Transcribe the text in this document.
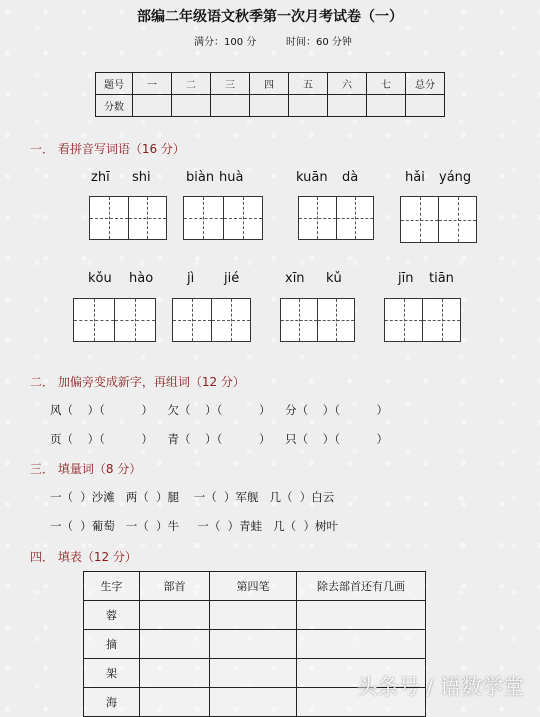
部编二年级语文秋季第一次月考试卷（一）
满分：100 分	时间：60 分钟
题号	一	二	三	四	五	六	七	总分
分数								
一． 看拼音写词语（16 分）
zhī shi	biàn huà	kuān dà	hǎi yáng
kǒu hào	jì jié	xīn kǔ	jīn tiān
二． 加偏旁变成新字，再组词（12 分）
风（    ）（          ）    欠（    ）（          ）    分（    ）（          ）
页（    ）（          ）    青（    ）（          ）    只（    ）（          ）
三． 填量词（8 分）
一（  ）沙滩   两（  ）腿    一（  ）军舰   几（  ）白云
一（  ）葡萄   一（  ）牛     一（  ）青蛙   几（  ）树叶
四． 填表（12 分）
生字	部首	第四笔	除去部首还有几画
蓉			
摘			
架			
海			
头条号 / 语数学堂
